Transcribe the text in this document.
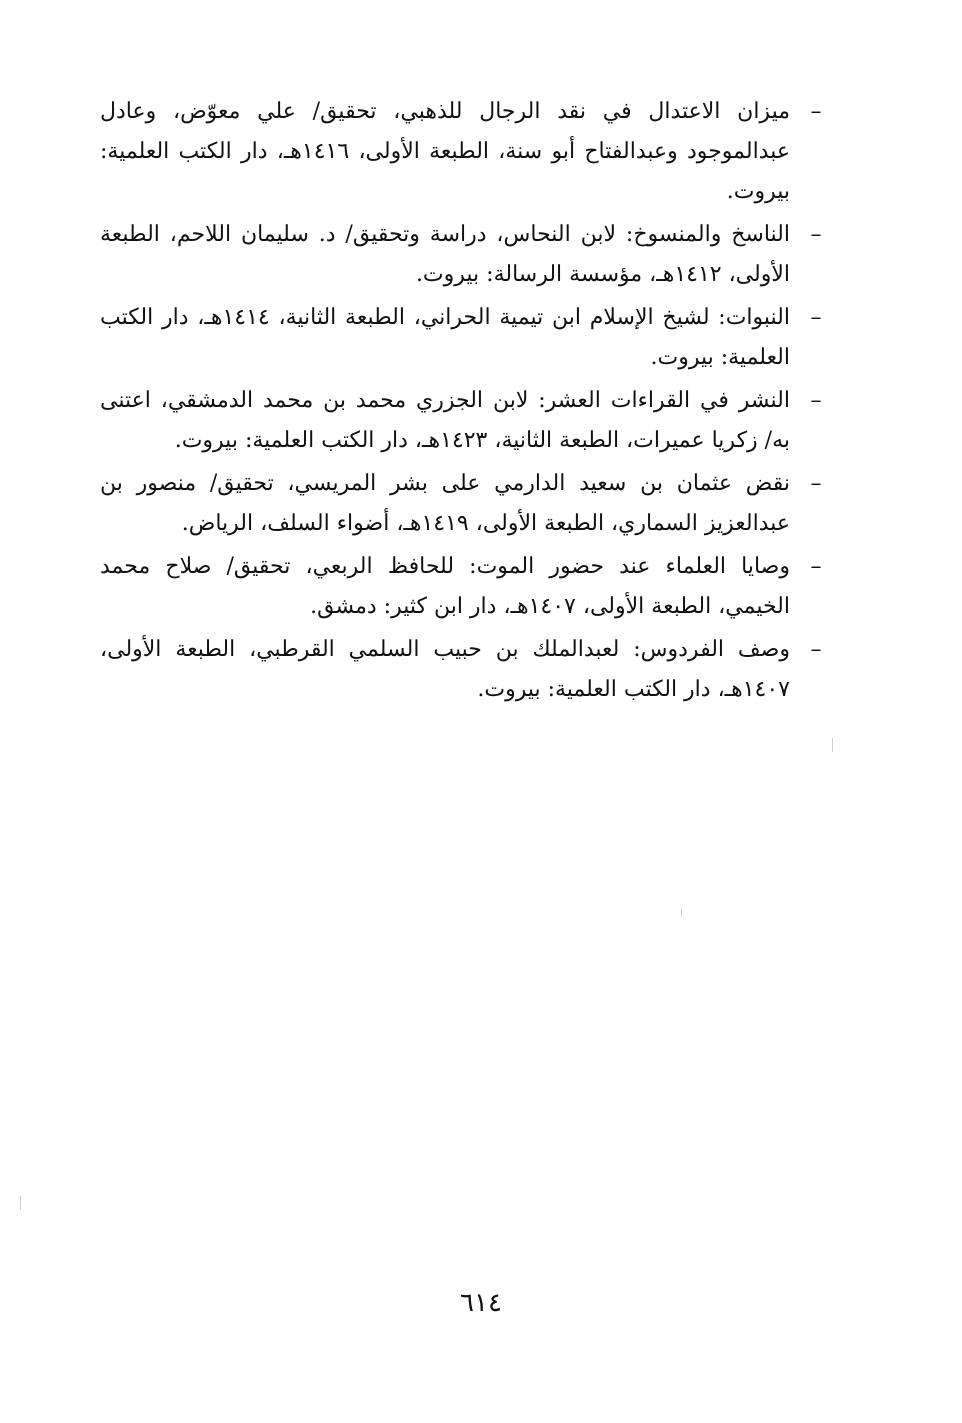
–
ميزان الاعتدال في نقد الرجال للذهبي، تحقيق/ علي معوّض، وعادل عبدالموجود وعبدالفتاح أبو سنة، الطبعة الأولى، ١٤١٦هـ، دار الكتب العلمية: بيروت.
–
الناسخ والمنسوخ: لابن النحاس، دراسة وتحقيق/ د. سليمان اللاحم، الطبعة الأولى، ١٤١٢هـ، مؤسسة الرسالة: بيروت.
–
النبوات: لشيخ الإسلام ابن تيمية الحراني، الطبعة الثانية، ١٤١٤هـ، دار الكتب العلمية: بيروت.
–
النشر في القراءات العشر: لابن الجزري محمد بن محمد الدمشقي، اعتنى به/ زكريا عميرات، الطبعة الثانية، ١٤٢٣هـ، دار الكتب العلمية: بيروت.
–
نقض عثمان بن سعيد الدارمي على بشر المريسي، تحقيق/ منصور بن عبدالعزيز السماري، الطبعة الأولى، ١٤١٩هـ، أضواء السلف، الرياض.
–
وصايا العلماء عند حضور الموت: للحافظ الربعي، تحقيق/ صلاح محمد الخيمي، الطبعة الأولى، ١٤٠٧هـ، دار ابن كثير: دمشق.
–
وصف الفردوس: لعبدالملك بن حبيب السلمي القرطبي، الطبعة الأولى، ١٤٠٧هـ، دار الكتب العلمية: بيروت.
٦١٤
